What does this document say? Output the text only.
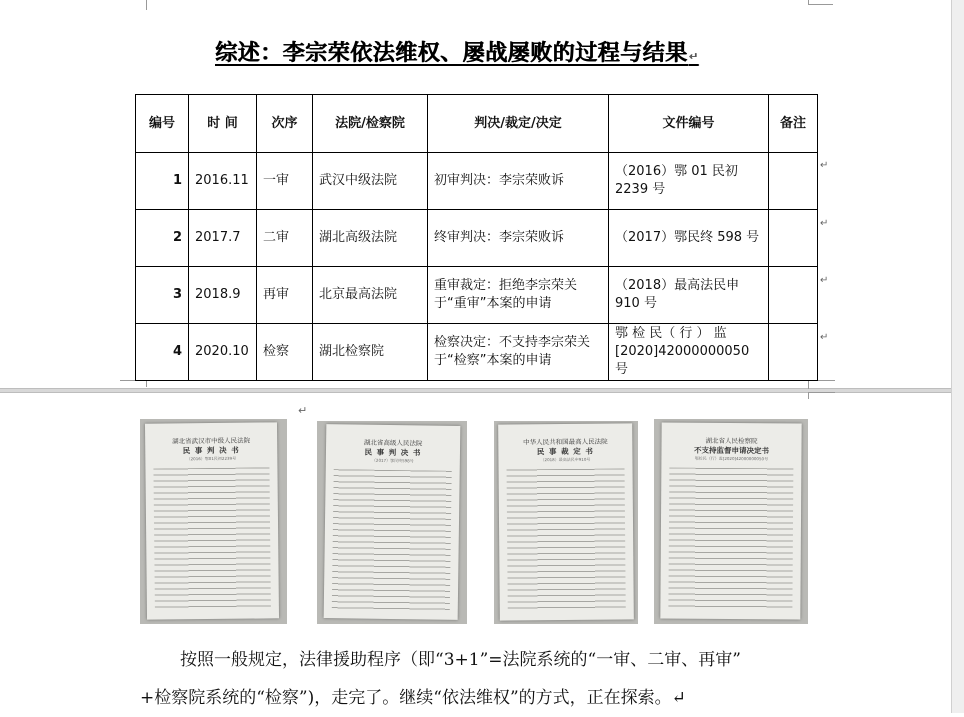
综述：李宗荣依法维权、屡战屡败的过程与结果↵
编号	时 间	次序	法院/检察院	判决/裁定/决定	文件编号	备注
1	2016.11	一审	武汉中级法院	初审判决：李宗荣败诉	（2016）鄂 01 民初 2239 号	
2	2017.7	二审	湖北高级法院	终审判决：李宗荣败诉	（2017）鄂民终 598 号	
3	2018.9	再审	北京最高法院	重审裁定：拒绝李宗荣关于“重审”本案的申请	（2018）最高法民申 910 号	
4	2020.10	检察	湖北检察院	检察决定：不支持李宗荣关于“检察”本案的申请	鄂 检 民（ 行 ） 监 [2020]42000000050 号	
↵
↵
↵
↵
↵
湖北省武汉市中级人民法院
民 事 判 决 书
（2016）鄂01民初2239号
湖北省高级人民法院
民 事 判 决 书
（2017）鄂民终598号
中华人民共和国最高人民法院
民 事 裁 定 书
（2018）最高法民申910号
湖北省人民检察院
不支持监督申请决定书
鄂检民（行）监[2020]42000000050号
按照一般规定，法律援助程序（即“3+1”=法院系统的“一审、二审、再审”
+检察院系统的“检察”)，走完了。继续“依法维权”的方式，正在探索。↵
